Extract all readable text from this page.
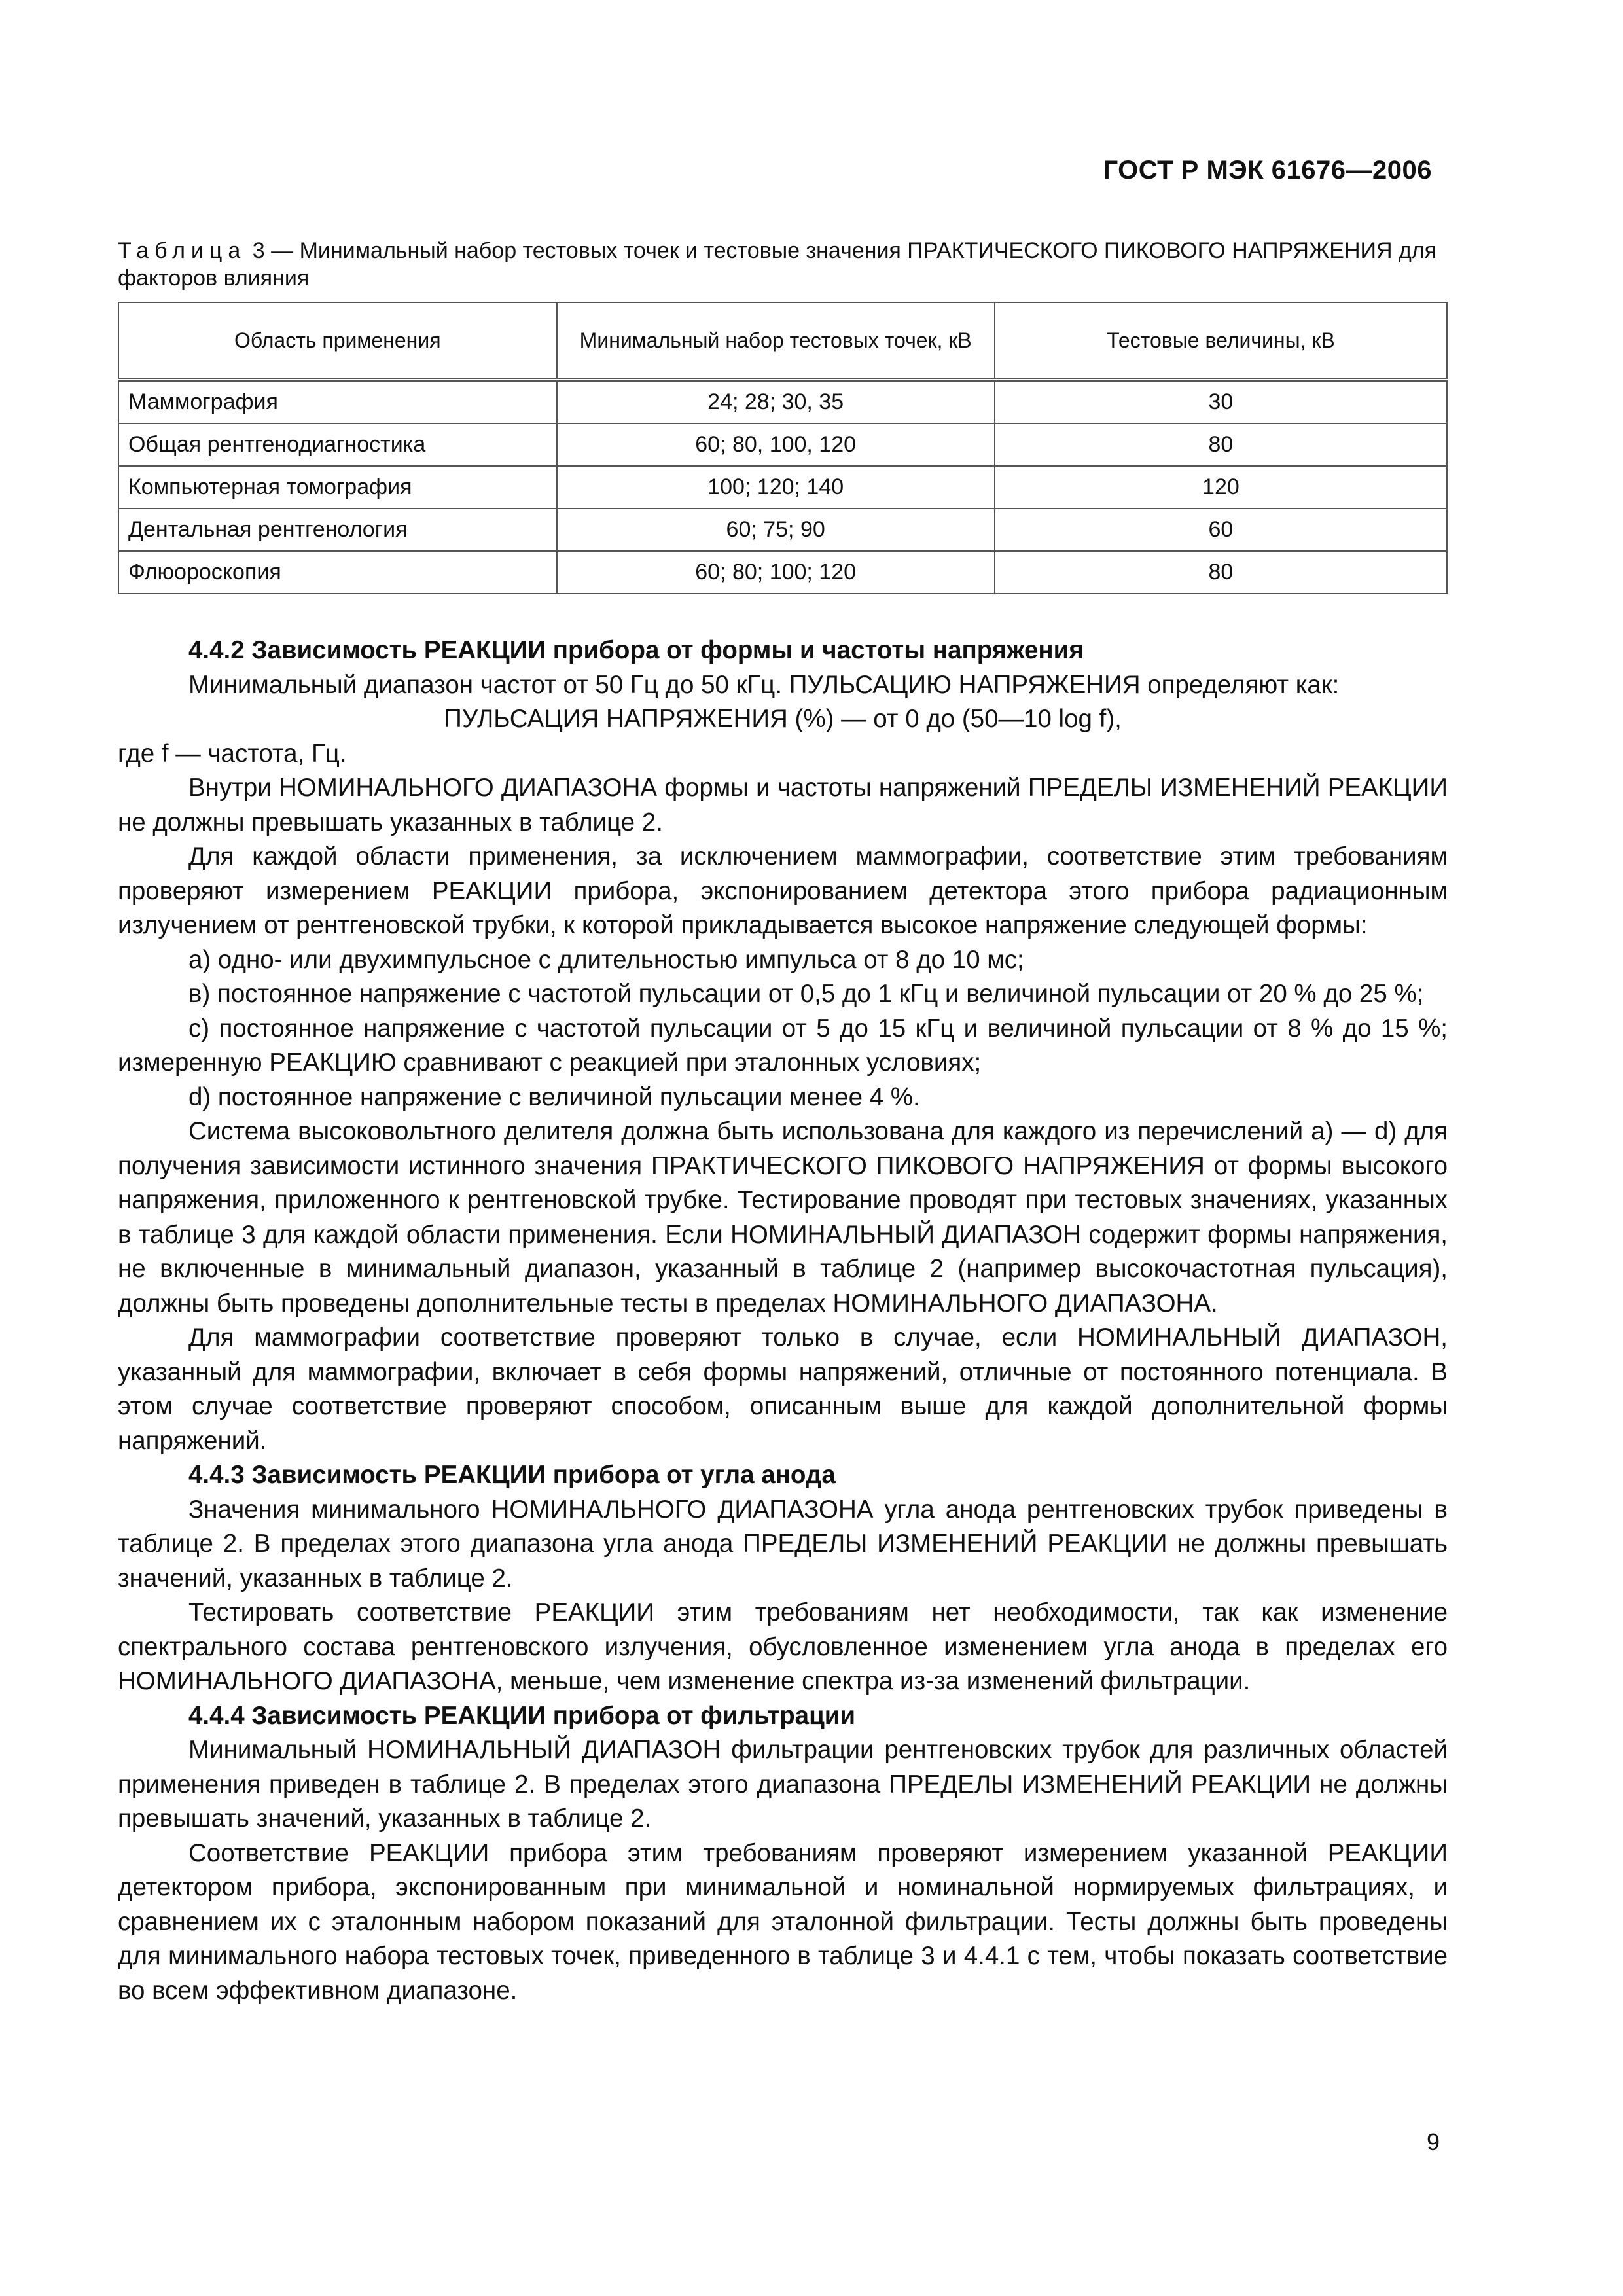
ГОСТ Р МЭК 61676—2006
Таблица 3 — Минимальный набор тестовых точек и тестовые значения ПРАКТИЧЕСКОГО ПИКОВОГО НАПРЯЖЕНИЯ для факторов влияния
Область применения	Минимальный набор тестовых точек, кВ	Тестовые величины, кВ
Маммография	24; 28; 30, 35	30
Общая рентгенодиагностика	60; 80, 100, 120	80
Компьютерная томография	100; 120; 140	120
Дентальная рентгенология	60; 75; 90	60
Флюороскопия	60; 80; 100; 120	80
4.4.2 Зависимость РЕАКЦИИ прибора от формы и частоты напряжения

Минимальный диапазон частот от 50 Гц до 50 кГц. ПУЛЬСАЦИЮ НАПРЯЖЕНИЯ определяют как:

ПУЛЬСАЦИЯ НАПРЯЖЕНИЯ (%) — от 0 до (50—10 log f),

где f — частота, Гц.

Внутри НОМИНАЛЬНОГО ДИАПАЗОНА формы и частоты напряжений ПРЕДЕЛЫ ИЗМЕНЕНИЙ РЕАКЦИИ не должны превышать указанных в таблице 2.

Для каждой области применения, за исключением маммографии, соответствие этим требованиям проверяют измерением РЕАКЦИИ прибора, экспонированием детектора этого прибора радиационным излучением от рентгеновской трубки, к которой прикладывается высокое напряжение следующей формы:

a) одно- или двухимпульсное с длительностью импульса от 8 до 10 мс;

в) постоянное напряжение с частотой пульсации от 0,5 до 1 кГц и величиной пульсации от 20 % до 25 %;

c) постоянное напряжение с частотой пульсации от 5 до 15 кГц и величиной пульсации от 8 % до 15 %; измеренную РЕАКЦИЮ сравнивают с реакцией при эталонных условиях;

d) постоянное напряжение с величиной пульсации менее 4 %.

Система высоковольтного делителя должна быть использована для каждого из перечислений а) — d) для получения зависимости истинного значения ПРАКТИЧЕСКОГО ПИКОВОГО НАПРЯЖЕНИЯ от формы высокого напряжения, приложенного к рентгеновской трубке. Тестирование проводят при тестовых значениях, указанных в таблице 3 для каждой области применения. Если НОМИНАЛЬНЫЙ ДИАПАЗОН содержит формы напряжения, не включенные в минимальный диапазон, указанный в таблице 2 (например высокочастотная пульсация), должны быть проведены дополнительные тесты в пределах НОМИНАЛЬНОГО ДИАПАЗОНА.

Для маммографии соответствие проверяют только в случае, если НОМИНАЛЬНЫЙ ДИАПАЗОН, указанный для маммографии, включает в себя формы напряжений, отличные от постоянного потенциала. В этом случае соответствие проверяют способом, описанным выше для каждой дополнительной формы напряжений.

4.4.3 Зависимость РЕАКЦИИ прибора от угла анода

Значения минимального НОМИНАЛЬНОГО ДИАПАЗОНА угла анода рентгеновских трубок приведены в таблице 2. В пределах этого диапазона угла анода ПРЕДЕЛЫ ИЗМЕНЕНИЙ РЕАКЦИИ не должны превышать значений, указанных в таблице 2.

Тестировать соответствие РЕАКЦИИ этим требованиям нет необходимости, так как изменение спектрального состава рентгеновского излучения, обусловленное изменением угла анода в пределах его НОМИНАЛЬНОГО ДИАПАЗОНА, меньше, чем изменение спектра из-за изменений фильтрации.

4.4.4 Зависимость РЕАКЦИИ прибора от фильтрации

Минимальный НОМИНАЛЬНЫЙ ДИАПАЗОН фильтрации рентгеновских трубок для различных областей применения приведен в таблице 2. В пределах этого диапазона ПРЕДЕЛЫ ИЗМЕНЕНИЙ РЕАКЦИИ не должны превышать значений, указанных в таблице 2.

Соответствие РЕАКЦИИ прибора этим требованиям проверяют измерением указанной РЕАКЦИИ детектором прибора, экспонированным при минимальной и номинальной нормируемых фильтрациях, и сравнением их с эталонным набором показаний для эталонной фильтрации. Тесты должны быть проведены для минимального набора тестовых точек, приведенного в таблице 3 и 4.4.1 с тем, чтобы показать соответствие во всем эффективном диапазоне.

9
